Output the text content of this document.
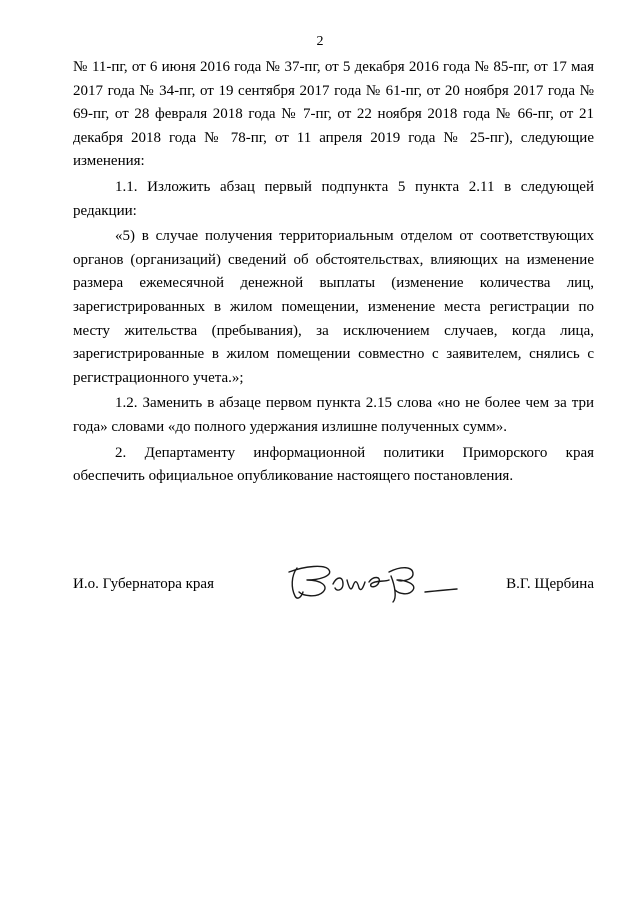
2

№ 11-пг, от 6 июня 2016 года № 37-пг, от 5 декабря 2016 года № 85-пг, от 17 мая 2017 года № 34-пг, от 19 сентября 2017 года № 61-пг, от 20 ноября 2017 года № 69-пг, от 28 февраля 2018 года № 7-пг, от 22 ноября 2018 года № 66-пг, от 21 декабря 2018 года № 78-пг, от 11 апреля 2019 года № 25-пг), следующие изменения:

1.1. Изложить абзац первый подпункта 5 пункта 2.11 в следующей редакции:

«5) в случае получения территориальным отделом от соответствующих органов (организаций) сведений об обстоятельствах, влияющих на изменение размера ежемесячной денежной выплаты (изменение количества лиц, зарегистрированных в жилом помещении, изменение места регистрации по месту жительства (пребывания), за исключением случаев, когда лица, зарегистрированные в жилом помещении совместно с заявителем, снялись с регистрационного учета.»;

1.2. Заменить в абзаце первом пункта 2.15 слова «но не более чем за три года» словами «до полного удержания излишне полученных сумм».

2. Департаменту информационной политики Приморского края обеспечить официальное опубликование настоящего постановления.

И.о. Губернатора края	В.Г. Щербина
